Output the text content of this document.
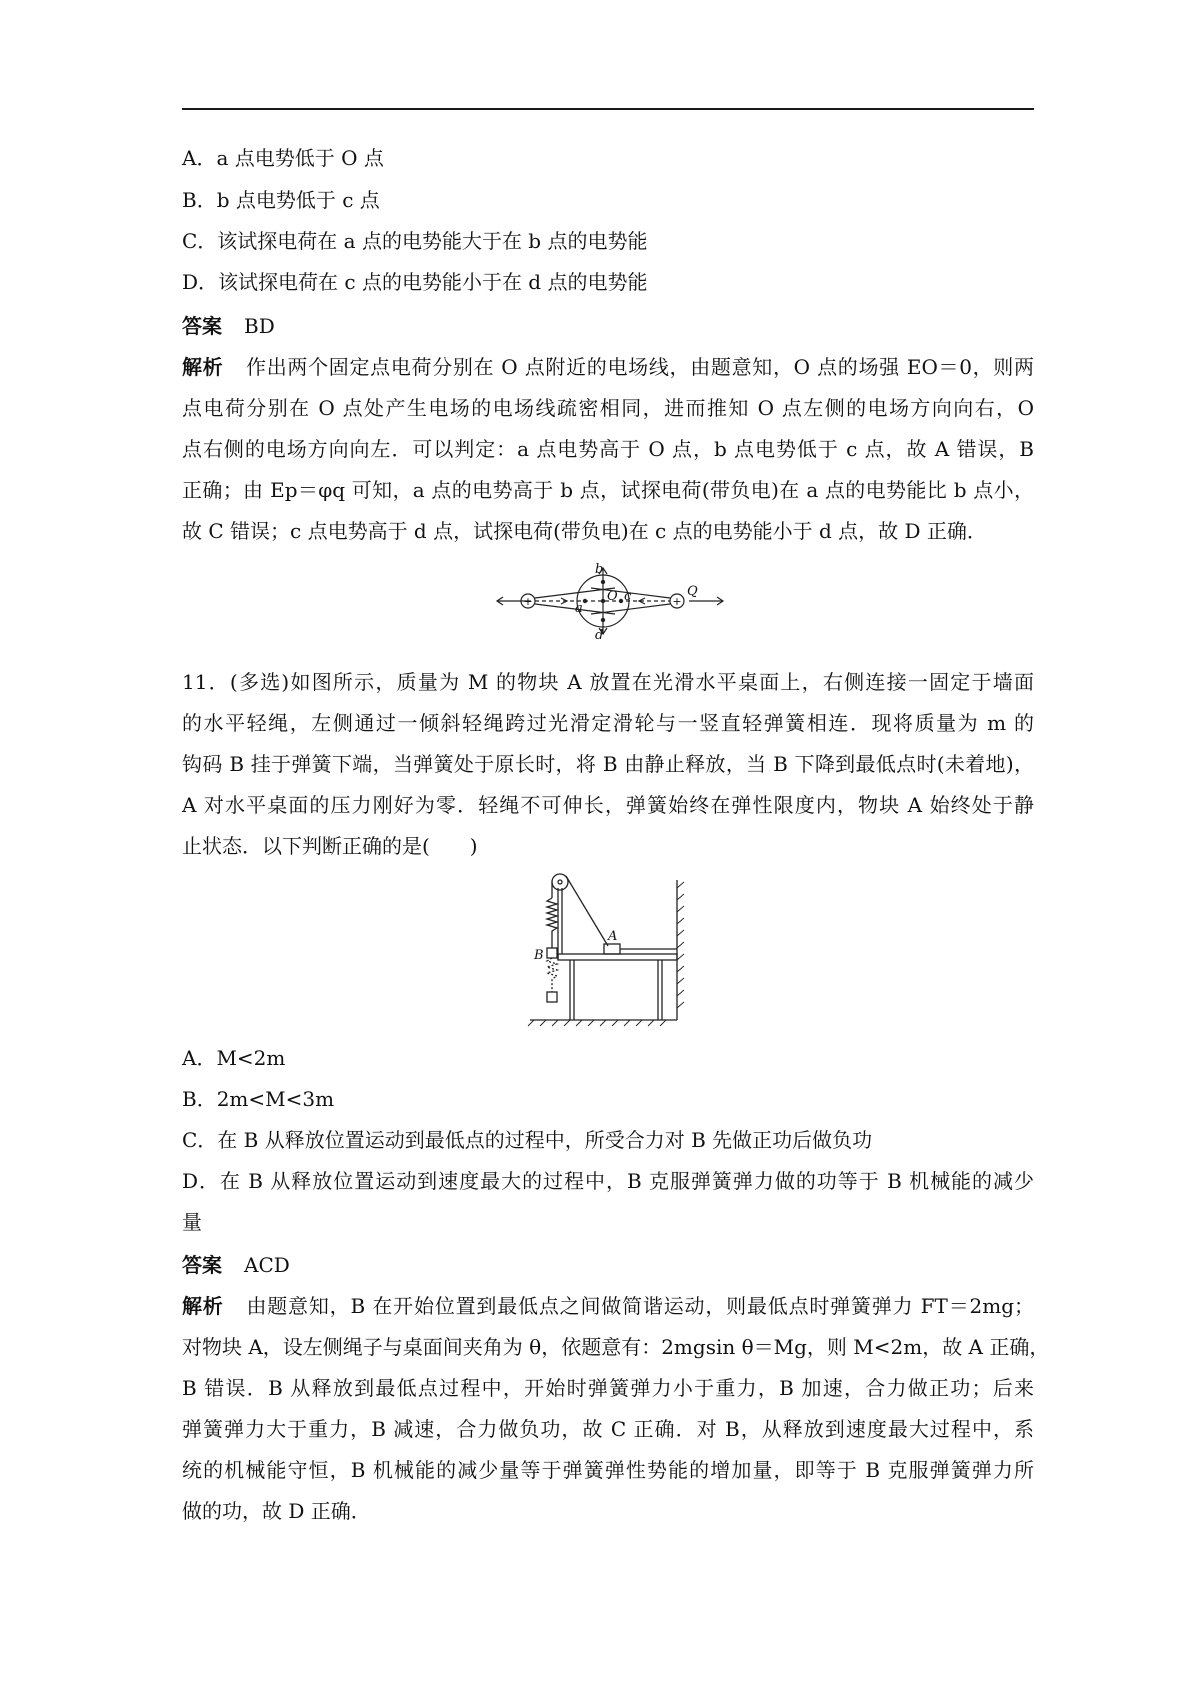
A．a 点电势低于 O 点
B．b 点电势低于 c 点
C．该试探电荷在 a 点的电势能大于在 b 点的电势能
D．该试探电荷在 c 点的电势能小于在 d 点的电势能
答案 BD
解析 作出两个固定点电荷分别在 O 点附近的电场线，由题意知，O 点的场强 EO＝0，则两
点电荷分别在 O 点处产生电场的电场线疏密相同，进而推知 O 点左侧的电场方向向右，O
点右侧的电场方向向左．可以判定：a 点电势高于 O 点，b 点电势低于 c 点，故 A 错误，B
正确；由 Ep＝φq 可知，a 点的电势高于 b 点，试探电荷(带负电)在 a 点的电势能比 b 点小，
故 C 错误；c 点电势高于 d 点，试探电荷(带负电)在 c 点的电势能小于 d 点，故 D 正确．
b
a
O c
d
Q
+	+
11．(多选)如图所示，质量为 M 的物块 A 放置在光滑水平桌面上，右侧连接一固定于墙面
的水平轻绳，左侧通过一倾斜轻绳跨过光滑定滑轮与一竖直轻弹簧相连．现将质量为 m 的
钩码 B 挂于弹簧下端，当弹簧处于原长时，将 B 由静止释放，当 B 下降到最低点时(未着地)，
A 对水平桌面的压力刚好为零．轻绳不可伸长，弹簧始终在弹性限度内，物块 A 始终处于静
止状态．以下判断正确的是(　　)
A
B
A．M<2m
B．2m<M<3m
C．在 B 从释放位置运动到最低点的过程中，所受合力对 B 先做正功后做负功
D．在 B 从释放位置运动到速度最大的过程中，B 克服弹簧弹力做的功等于 B 机械能的减少
量
答案 ACD
解析 由题意知，B 在开始位置到最低点之间做简谐运动，则最低点时弹簧弹力 FT＝2mg；
对物块 A，设左侧绳子与桌面间夹角为 θ，依题意有：2mgsin θ＝Mg，则 M<2m，故 A 正确，
B 错误．B 从释放到最低点过程中，开始时弹簧弹力小于重力，B 加速，合力做正功；后来
弹簧弹力大于重力，B 减速，合力做负功，故 C 正确．对 B，从释放到速度最大过程中，系
统的机械能守恒，B 机械能的减少量等于弹簧弹性势能的增加量，即等于 B 克服弹簧弹力所
做的功，故 D 正确．
